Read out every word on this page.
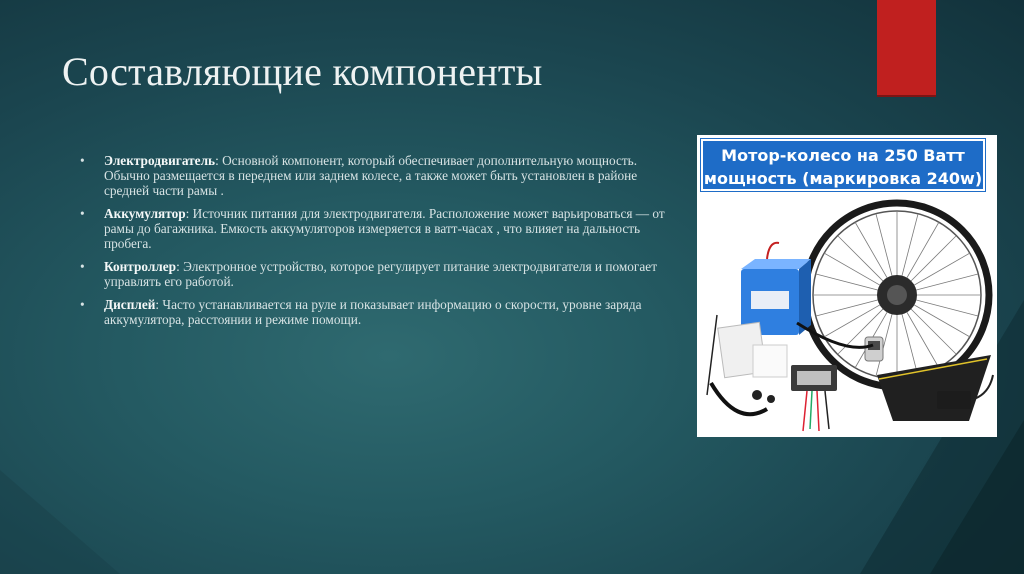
Составляющие компоненты
• Электродвигатель: Основной компонент, который обеспечивает дополнительную мощность. Обычно размещается в переднем или заднем колесе, а также может быть установлен в районе средней части рамы .
• Аккумулятор: Источник питания для электродвигателя. Расположение может варьироваться — от рамы до багажника. Емкость аккумуляторов измеряется в ватт-часах , что влияет на дальность пробега.
• Контроллер: Электронное устройство, которое регулирует питание электродвигателя и помогает управлять его работой.
• Дисплей: Часто устанавливается на руле и показывает информацию о скорости, уровне заряда аккумулятора, расстоянии и режиме помощи.
Мотор-колесо на 250 Ватт
мощность (маркировка 240w)
